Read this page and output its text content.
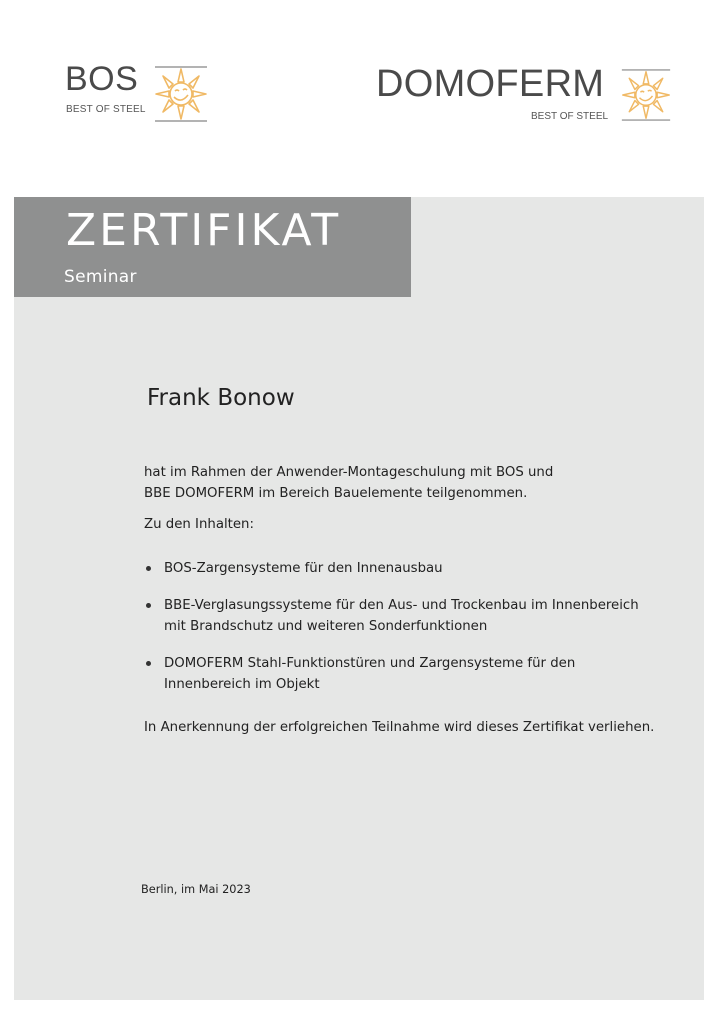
BOS
BEST OF STEEL
DOMOFERM
BEST OF STEEL
ZERTIFIKAT
Seminar
Frank Bonow
hat im Rahmen der Anwender-Montageschulung mit BOS und
BBE DOMOFERM im Bereich Bauelemente teilgenommen.
Zu den Inhalten:
BOS-Zargensysteme für den Innenausbau
BBE-Verglasungssysteme für den Aus- und Trockenbau im Innenbereich
mit Brandschutz und weiteren Sonderfunktionen
DOMOFERM Stahl-Funktionstüren und Zargensysteme für den
Innenbereich im Objekt
In Anerkennung der erfolgreichen Teilnahme wird dieses Zertifikat verliehen.
Berlin, im Mai 2023
